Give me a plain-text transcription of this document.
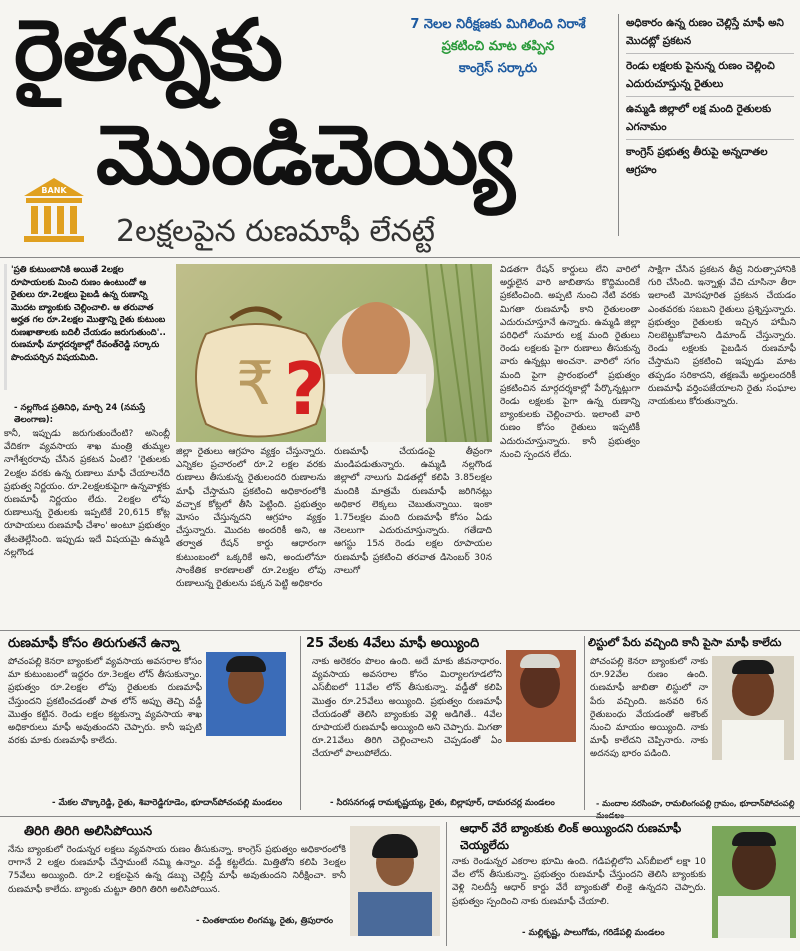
రైతన్నకు	7 నెలల నిరీక్షణకు మిగిలింది నిరాశే
ప్రకటించి మాట తప్పిన
కాంగ్రెస్ సర్కారు
అధికారం ఉన్న రుణం చెల్లిస్తే మాఫీ అని మొదట్లో ప్రకటన
రెండు లక్షలకు పైనున్న రుణం చెల్లించి ఎదురుచూస్తున్న రైతులు
ఉమ్మడి జిల్లాలో లక్ష మంది రైతులకు ఎగనామం
కాంగ్రెస్ ప్రభుత్వ తీరుపై అన్నదాతల ఆగ్రహం
BANK మొండిచెయ్యి
2లక్షలపైన రుణమాఫీ లేనట్టే
'ప్రతి కుటుంబానికి అయితే 2లక్షల రూపాయలకు మించి రుణం ఉంటుందో ఆ రైతులు రూ.2లక్షలు పైబడి ఉన్న రుణాన్ని మొదట బ్యాంకుకు చెల్లించాలి. ఆ తరువాత అర్హత గల రూ.2లక్షల మొత్తాన్ని రైతు కుటుంబ రుణఖాతాలకు బదిలీ చేయడం జరుగుతుంది'.. రుణమాఫీ మార్గదర్శకాల్లో రేవంత్‌రెడ్డి సర్కారు పొందుపర్చిన విషయమిది.
- నల్లగొండ ప్రతినిధి, మార్చి 24 (నమస్తే తెలంగాణ):
కానీ, ఇప్పుడు జరుగుతుందేంటి? అసెంబ్లీ వేదికగా వ్యవసాయ శాఖ మంత్రి తుమ్మల నాగేశ్వరరావు చేసిన ప్రకటన ఏంటి? 'రైతులకు 2లక్షల వరకు ఉన్న రుణాలు మాఫీ చేయాలనేది ప్రభుత్వ నిర్ణయం. రూ.2లక్షలకుపైగా ఉన్నవాళ్లకు రుణమాఫీ నిర్ణయం లేదు. 2లక్షల లోపు రుణాలున్న రైతులకు ఇప్పటికే 20,615 కోట్ల రూపాయలు రుణమాఫీ చేశాం' అంటూ ప్రభుత్వం తేటతెల్లేసింది. ఇప్పుడు ఇదే విషయమై ఉమ్మడి నల్లగొండ
₹ ?
జిల్లా రైతులు ఆగ్రహం వ్యక్తం చేస్తున్నారు. ఎన్నికల ప్రచారంలో రూ.2 లక్షల వరకు రుణాలు తీసుకున్న రైతులందరి రుణాలను మాఫీ చేస్తామని ప్రకటించి అధికారంలోకి వచ్చాక కోట్లలో తీసి పెట్టింది. ప్రభుత్వం మోసం చేస్తున్నదని ఆగ్రహం వ్యక్తం చేస్తున్నారు. మొదట అందరికీ అని, ఆ తర్వాత రేషన్ కార్డు ఆధారంగా కుటుంబంలో ఒక్కరికే అని, అందులోనూ సాంకేతిక కారణాలతో రూ.2లక్షల లోపు రుణాలున్న రైతులను పక్కన పెట్టి అధికారం
రుణమాఫీ చేయడంపై తీవ్రంగా మండిపడుతున్నారు. ఉమ్మడి నల్లగొండ జిల్లాలో నాలుగు విడతల్లో కలిపి 3.85లక్షల మందికి మాత్రమే రుణమాఫీ జరిగినట్లు అధికార లెక్కలు చెబుతున్నాయి. ఇంకా 1.75లక్షల మంది రుణమాఫీ కోసం ఏడు నెలలుగా ఎదురుచూస్తున్నారు. గతేడాది ఆగస్టు 15న రెండు లక్షల రూపాయల రుణమాఫీ ప్రకటించి తరవాత డిసెంబర్ 30న నాలుగో
విడతగా రేషన్ కార్డులు లేని వారిలో అర్హులైన వారి జాబితాను కొద్దిమందికే ప్రకటించింది. అప్పటి నుంచి నేటి వరకు మిగతా రుణమాఫీ కాని రైతులంతా ఎదురుచూస్తూనే ఉన్నారు. ఉమ్మడి జిల్లా పరిధిలో సుమారు లక్ష మంది రైతులు రెండు లక్షలకు పైగా రుణాలు తీసుకున్న వారు ఉన్నట్లు అంచనా. వారిలో సగం మంది పైగా ప్రారంభంలో ప్రభుత్వం ప్రకటించిన మార్గదర్శకాల్లో పేర్కొన్నట్లుగా రెండు లక్షలకు పైగా ఉన్న రుణాన్ని బ్యాంకులకు చెల్లించారు. ఇలాంటి వారి రుణం కోసం రైతులు ఇప్పటికీ ఎదురుచూస్తున్నారు. కానీ ప్రభుత్వం నుంచి స్పందన లేదు.
సాక్షిగా చేసిన ప్రకటన తీవ్ర నిరుత్సాహానికి గురి చేసింది. ఇన్నాళ్లు వేచి చూసినా తీరా ఇలాంటి మోసపూరిత ప్రకటన చేయడం ఎంతవరకు సబబని రైతులు ప్రశ్నిస్తున్నారు. ప్రభుత్వం రైతులకు ఇచ్చిన హామీని నిలబెట్టుకోవాలని డిమాండ్ చేస్తున్నారు. రెండు లక్షలకు పైబడిన రుణమాఫీ చేస్తామని ప్రకటించి ఇప్పుడు మాట తప్పడం సరికాదని, తక్షణమే అర్హులందరికీ రుణమాఫీ వర్తింపజేయాలని రైతు సంఘాల నాయకులు కోరుతున్నారు.
రుణమాఫీ కోసం తిరుగుతనే ఉన్నా
పోచంపల్లి కెనరా బ్యాంకులో వ్యవసాయ అవసరాల కోసం మా కుటుంబంలో ఇద్దరం రూ.3లక్షల లోన్ తీసుకున్నాం. ప్రభుత్వం రూ.2లక్షల లోపు రైతులకు రుణమాఫీ చేస్తుందని ప్రకటించడంతో పాత లోన్ అప్పు తెచ్చి వడ్డీ మొత్తం కట్టిన. రెండు లక్షల కట్టకున్నా వ్యవసాయ శాఖ అధికారులు మాఫీ అవుతుందని చెప్పారు. కానీ ఇప్పటి వరకు మాకు రుణమాఫీ కాలేదు.
- మేకల చొక్కారెడ్డి, రైతు, శివారెడ్డిగూడెం, భూదాన్‌పోచంపల్లి మండలం
25 వేలకు 4వేలు మాఫీ అయ్యింది
నాకు అరెకరం పొలం ఉంది. అదే మాకు జీవనాధారం. వ్యవసాయ అవసరాల కోసం మిర్యాలగూడలోని ఎస్‌బీఐలో 11వేల లోన్ తీసుకున్నా. వడ్డీతో కలిపి మొత్తం రూ.25వేలు అయ్యింది. ప్రభుత్వం రుణమాఫీ చేయడంతో తెలిసి బ్యాంకుకు వెళ్లి అడిగితే.. 4వేల రూపాయలే రుణమాఫీ అయ్యింది అని చెప్పారు. మిగతా రూ.21వేలు తిరిగి చెల్లించాలని చెప్పడంతో ఏం చేయాలో పాలుపోలేదు.
- సిరసనగండ్ల రామకృష్ణయ్య, రైతు, బిల్లాపూర్, దామరచర్ల మండలం
లిస్టులో పేరు వచ్చింది కానీ పైసా మాఫీ కాలేదు
పోచంపల్లి కెనరా బ్యాంకులో నాకు రూ.92వేల రుణం ఉంది. రుణమాఫీ జాబితా లిస్టులో నా పేరు వచ్చింది. జనవరి 6న రైతుబంధు వేయడంతో అకౌంట్ నుంచి మాయం అయ్యింది. నాకు మాఫీ కాలేదని చెప్పినారు. నాకు అదనపు భారం పడింది.
- మందాల నరసింహ, రామలింగంపల్లి గ్రామం, భూదాన్‌పోచంపల్లి
తిరిగి తిరిగి అలిసిపోయిన
నేను బ్యాంకులో రెండున్నర లక్షలు వ్యవసాయ రుణం తీసుకున్నా. కాంగ్రెస్ ప్రభుత్వం అధికారంలోకి రాగానే 2 లక్షల రుణమాఫీ చేస్తామంటే నమ్మి ఉన్నాం. వడ్డీ కట్టలేదు. మిత్తితోని కలిపి 3లక్షల 75వేలు అయ్యింది. రూ.2 లక్షలపైన ఉన్న డబ్బు చెల్లిస్తే మాఫీ అవుతుందని నిరీక్షించా. కానీ రుణమాఫీ కాలేదు. బ్యాంకు చుట్టూ తిరిగి తిరిగి అలిసిపోయిన.
- చింతకాయల లింగమ్మ, రైతు, త్రిపురారం
ఆధార్ వేరే బ్యాంకుకు లింక్ అయ్యిందని రుణమాఫీ చెయ్యలేదు
నాకు రెండున్నర ఎకరాల భూమి ఉంది. గడిపల్లిలోని ఎస్‌బీఐలో లక్షా 10 వేల లోన్ తీసుకున్నా. ప్రభుత్వం రుణమాఫీ చేస్తుందని తెలిసి బ్యాంకుకు వెళ్లి నిలదీస్తే ఆధార్ కార్డు వేరే బ్యాంకుతో లింకై ఉన్నదని చెప్పారు. ప్రభుత్వం స్పందించి నాకు రుణమాఫీ చేయాలి.
- మల్లికృష్ణ, పాలుగోడు, గరిడేపల్లి మండలం
